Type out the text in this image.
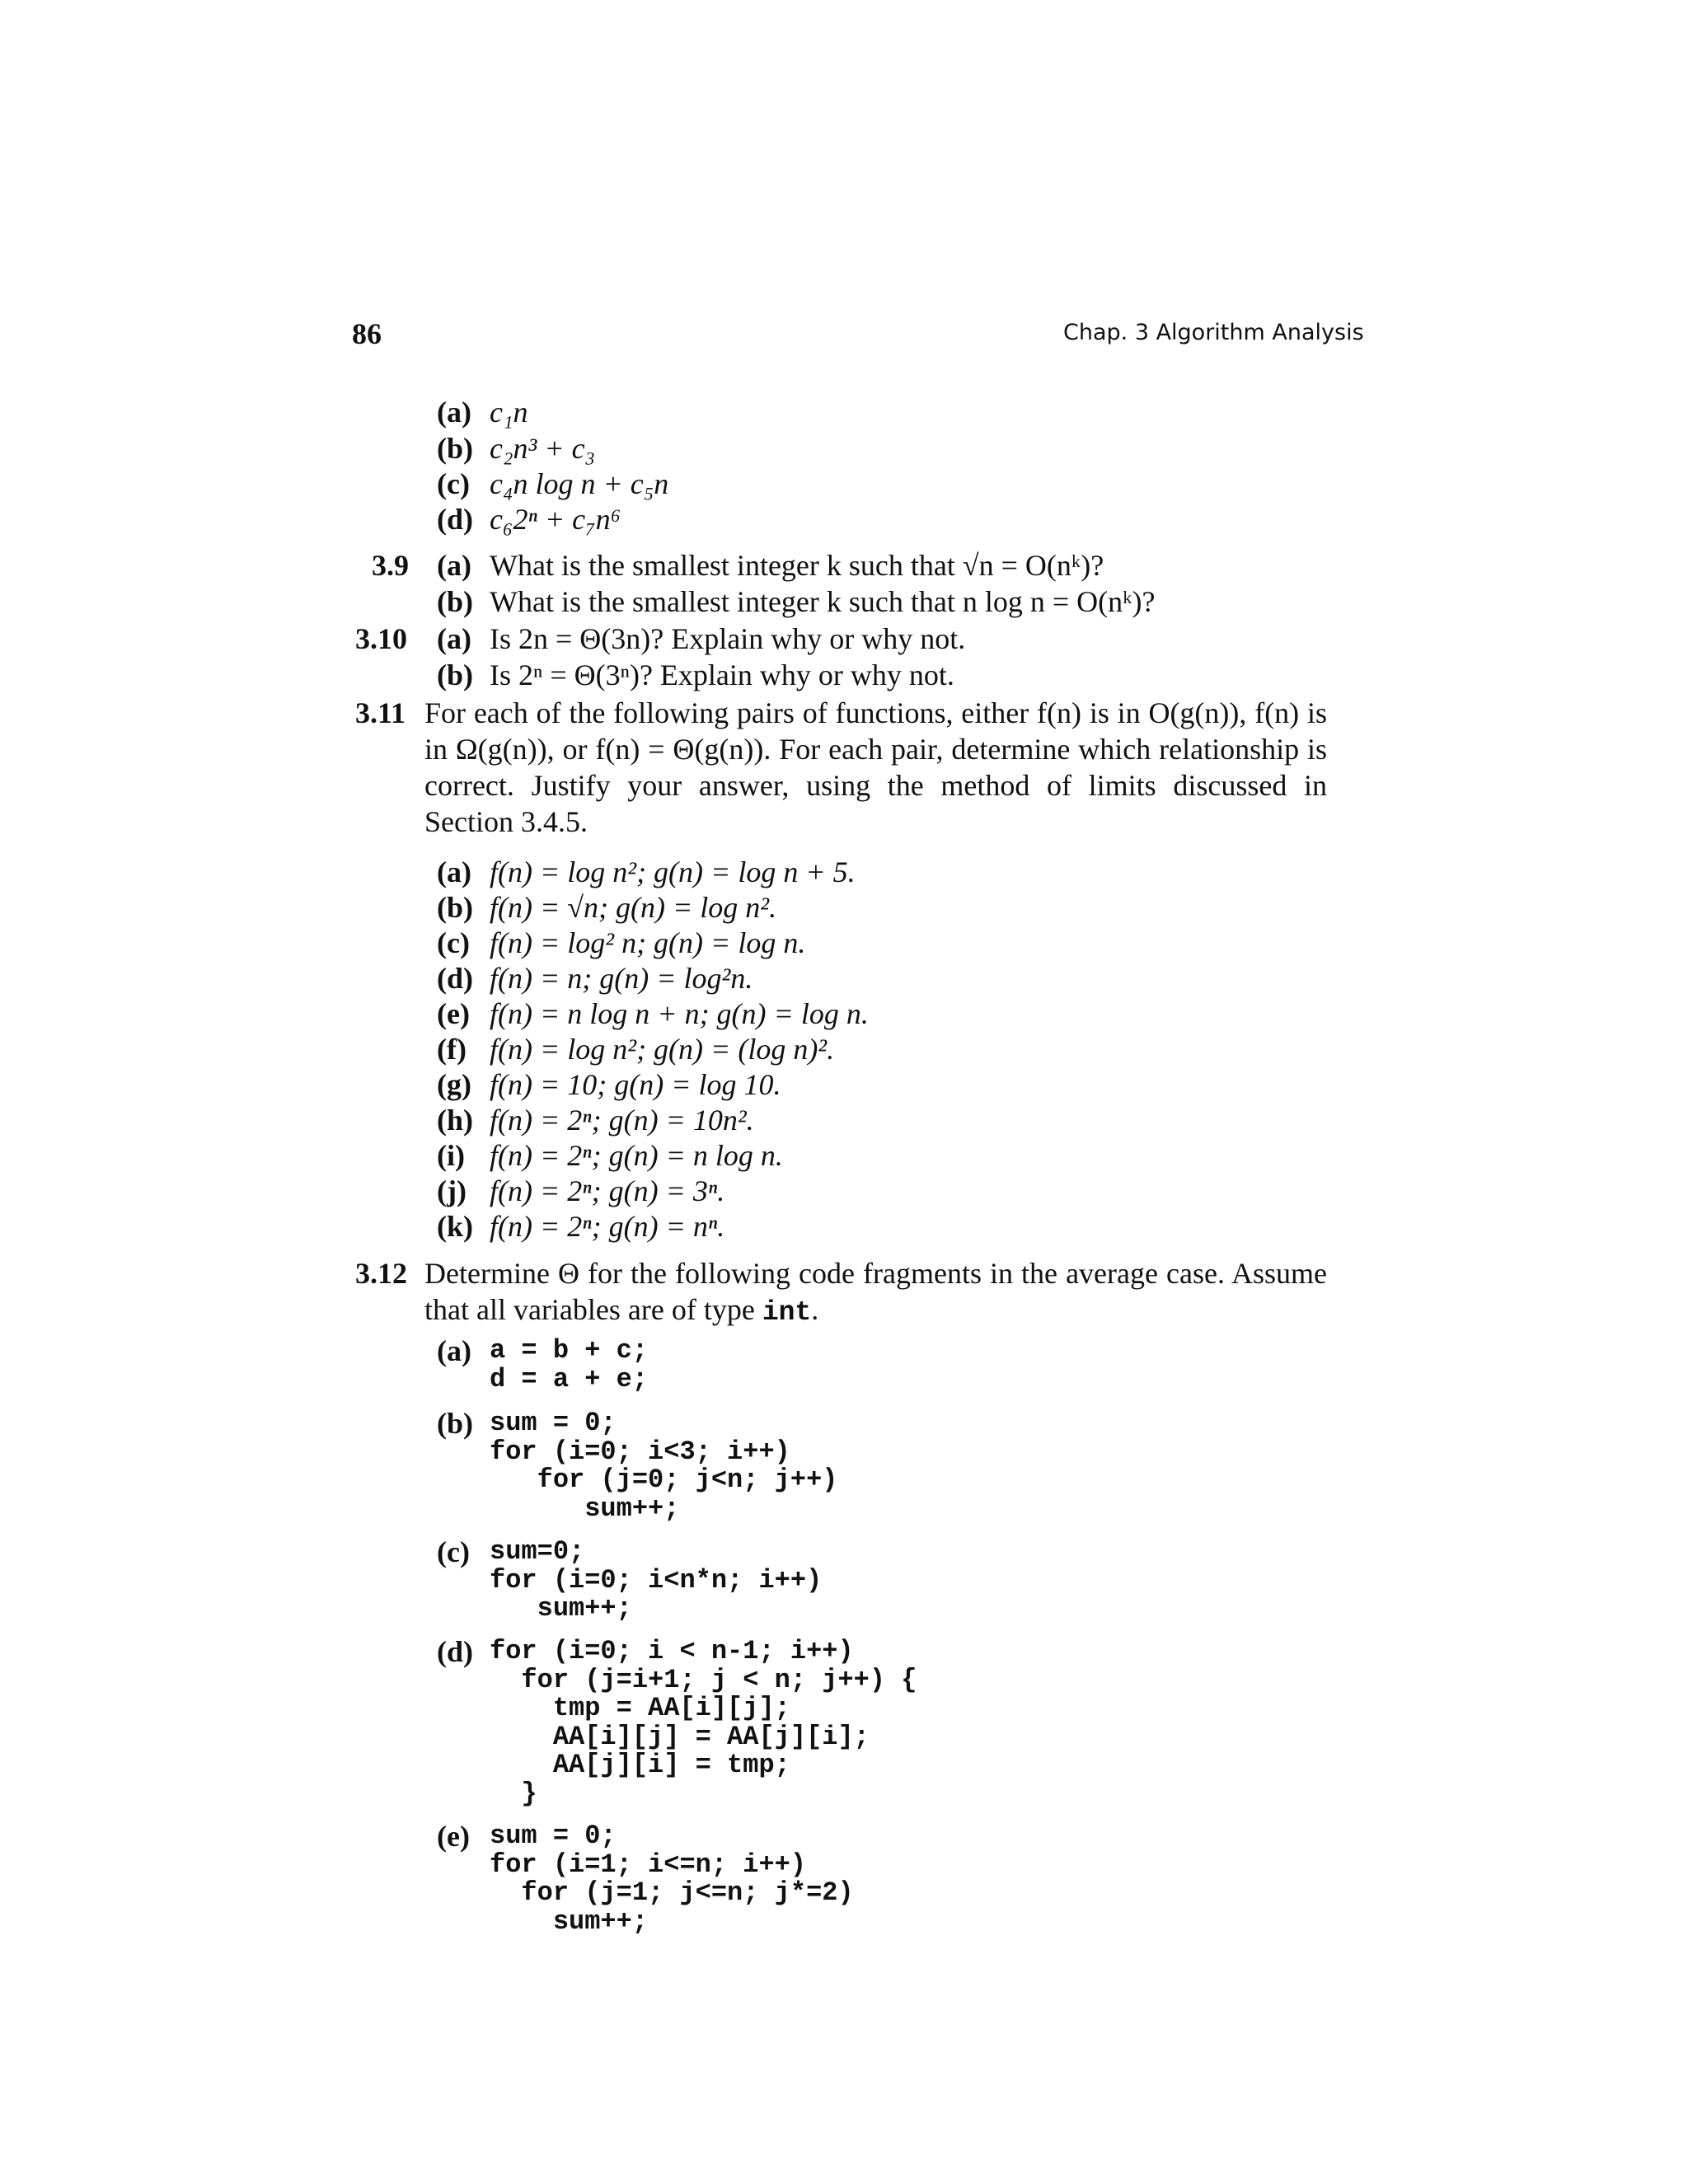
86	Chap. 3 Algorithm Analysis
(a) c₁n
(b) c₂n³ + c₃
(c) c₄n log n + c₅n
(d) c₆2ⁿ + c₇n⁶
3.9 (a) What is the smallest integer k such that √n = O(nᵏ)?
(b) What is the smallest integer k such that n log n = O(nᵏ)?
3.10 (a) Is 2n = Θ(3n)? Explain why or why not.
(b) Is 2ⁿ = Θ(3ⁿ)? Explain why or why not.
3.11 For each of the following pairs of functions, either f(n) is in O(g(n)), f(n) is in Ω(g(n)), or f(n) = Θ(g(n)). For each pair, determine which relationship is correct. Justify your answer, using the method of limits discussed in Section 3.4.5.
(a) f(n) = log n²; g(n) = log n + 5.
(b) f(n) = √n; g(n) = log n².
(c) f(n) = log² n; g(n) = log n.
(d) f(n) = n; g(n) = log²n.
(e) f(n) = n log n + n; g(n) = log n.
(f) f(n) = log n²; g(n) = (log n)².
(g) f(n) = 10; g(n) = log 10.
(h) f(n) = 2ⁿ; g(n) = 10n².
(i) f(n) = 2ⁿ; g(n) = n log n.
(j) f(n) = 2ⁿ; g(n) = 3ⁿ.
(k) f(n) = 2ⁿ; g(n) = nⁿ.
3.12 Determine Θ for the following code fragments in the average case. Assume that all variables are of type int.
(a) a = b + c;
d = a + e;
(b) sum = 0;
for (i=0; i<3; i++)
for (j=0; j<n; j++)
sum++;
(c) sum=0;
for (i=0; i<n*n; i++)
sum++;
(d) for (i=0; i < n-1; i++)
for (j=i+1; j < n; j++) {
tmp = AA[i][j];
AA[i][j] = AA[j][i];
AA[j][i] = tmp;
}
(e) sum = 0;
for (i=1; i<=n; i++)
for (j=1; j<=n; j*=2)
sum++;
